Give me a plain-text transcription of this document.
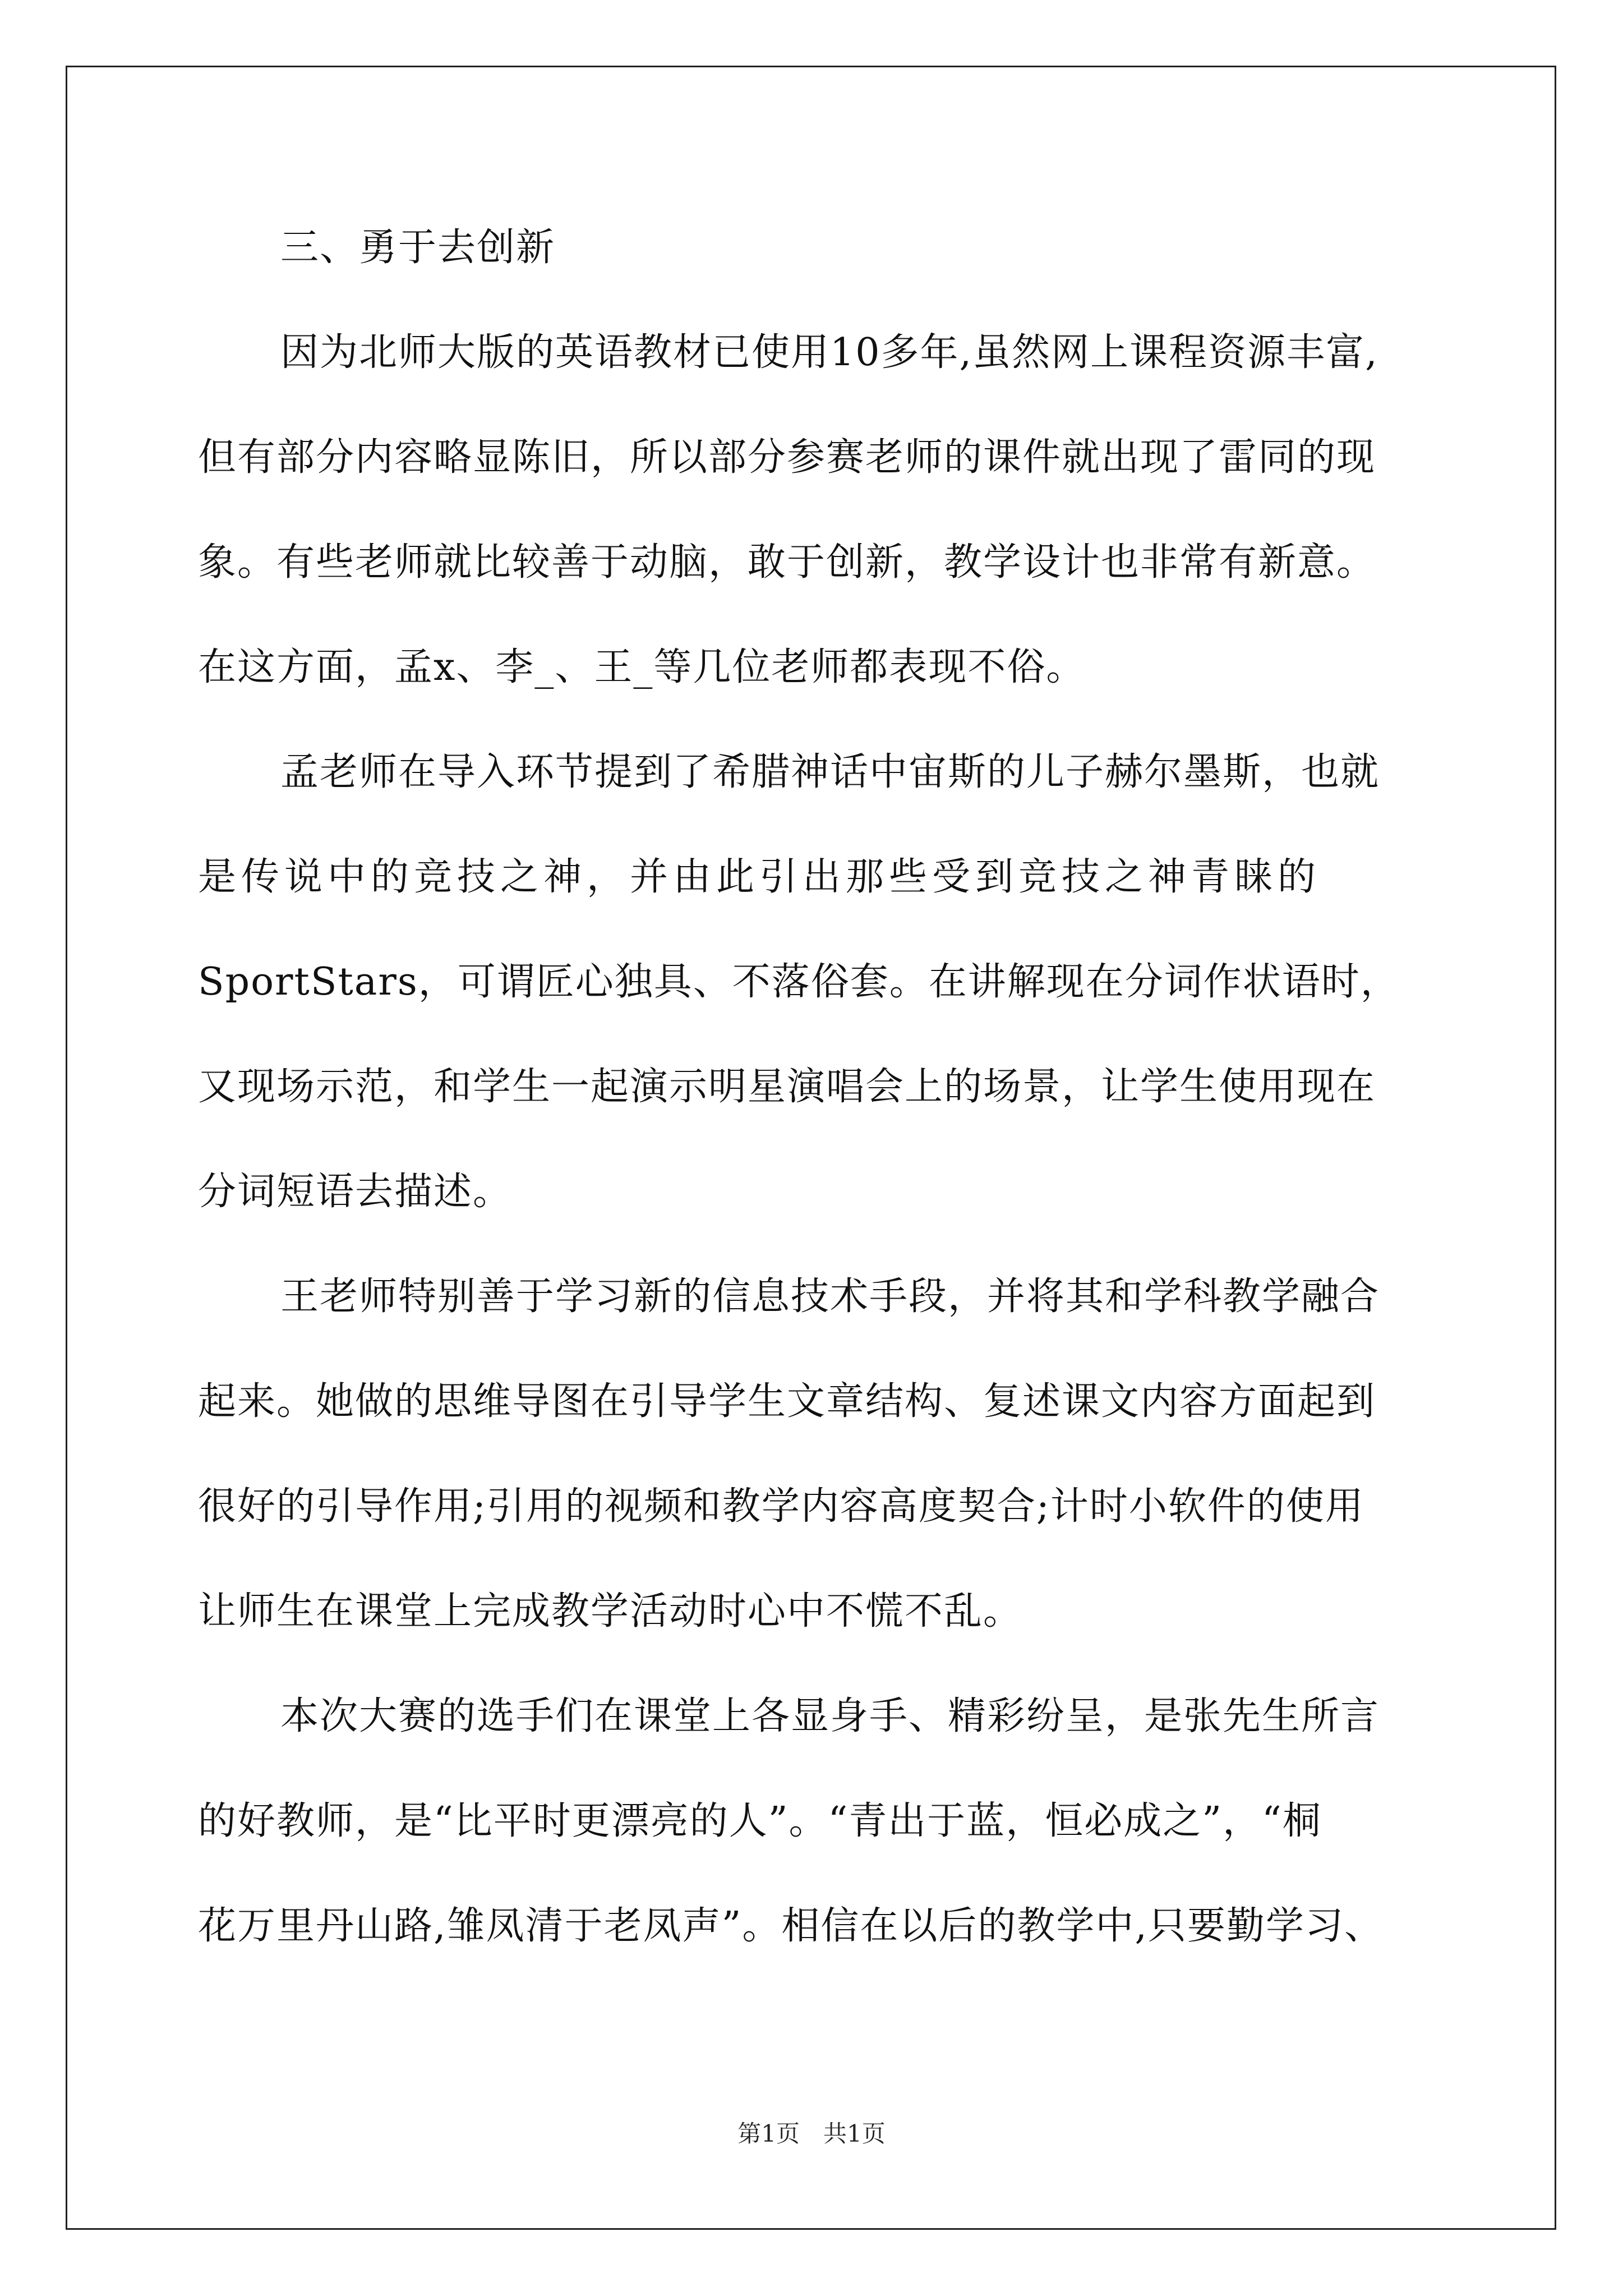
三、勇于去创新
因为北师大版的英语教材已使用10多年,虽然网上课程资源丰富,
但有部分内容略显陈旧，所以部分参赛老师的课件就出现了雷同的现
象。有些老师就比较善于动脑，敢于创新，教学设计也非常有新意。
在这方面，孟x、李_、王_等几位老师都表现不俗。
孟老师在导入环节提到了希腊神话中宙斯的儿子赫尔墨斯，也就
是传说中的竞技之神，并由此引出那些受到竞技之神青睐的
SportStars，可谓匠心独具、不落俗套。在讲解现在分词作状语时，
又现场示范，和学生一起演示明星演唱会上的场景，让学生使用现在
分词短语去描述。
王老师特别善于学习新的信息技术手段，并将其和学科教学融合
起来。她做的思维导图在引导学生文章结构、复述课文内容方面起到
很好的引导作用;引用的视频和教学内容高度契合;计时小软件的使用
让师生在课堂上完成教学活动时心中不慌不乱。
本次大赛的选手们在课堂上各显身手、精彩纷呈，是张先生所言
的好教师，是“比平时更漂亮的人”。“青出于蓝，恒必成之”，“桐
花万里丹山路,雏凤清于老凤声”。相信在以后的教学中,只要勤学习、
第1页　共1页
